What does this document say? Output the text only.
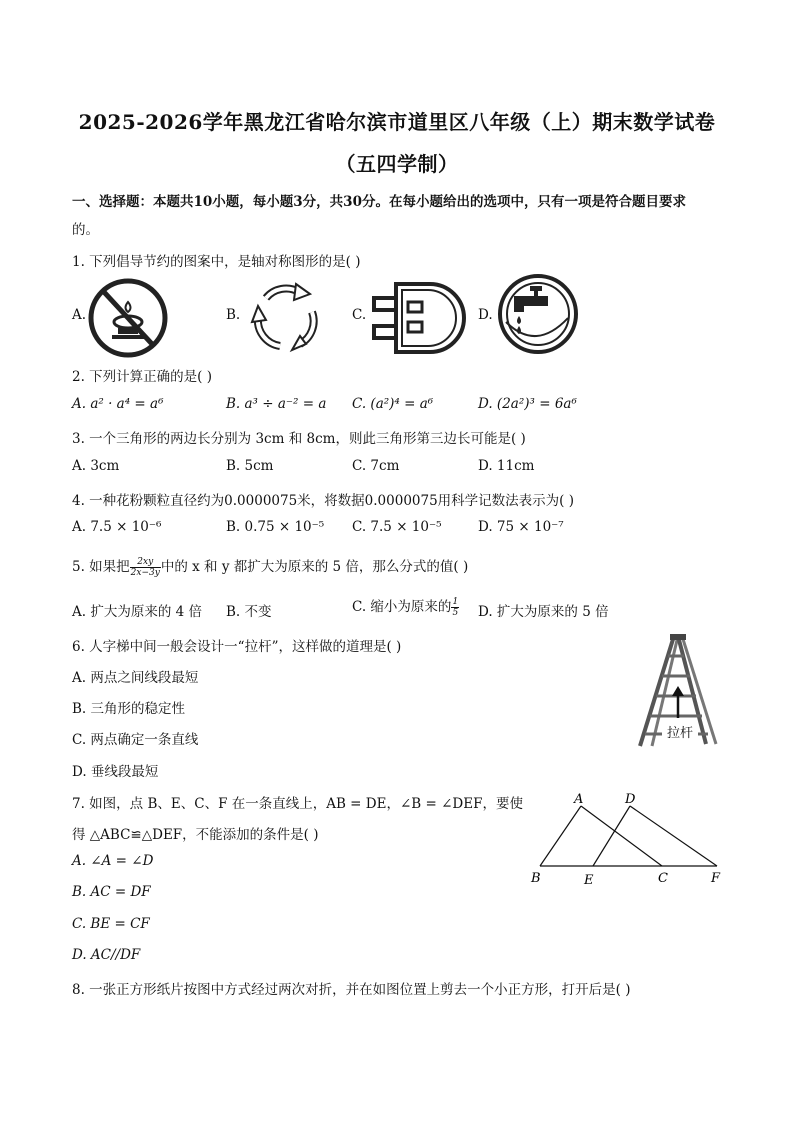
2025-2026学年黑龙江省哈尔滨市道里区八年级（上）期末数学试卷
（五四学制）
一、选择题：本题共10小题，每小题3分，共30分。在每小题给出的选项中，只有一项是符合题目要求
的。
1. 下列倡导节约的图案中，是轴对称图形的是( )
A.	B.	C.	D.
2. 下列计算正确的是( )
A. a² · a⁴ = a⁶	B. a³ ÷ a⁻² = a C. (a²)⁴ = a⁶	D. (2a²)³ = 6a⁶
3. 一个三角形的两边长分别为 3cm 和 8cm，则此三角形第三边长可能是( )
A. 3cm	B. 5cm	C. 7cm	D. 11cm
4. 一种花粉颗粒直径约为0.0000075米，将数据0.0000075用科学记数法表示为( )
A. 7.5 × 10⁻⁶	B. 0.75 × 10⁻⁵ C. 7.5 × 10⁻⁵	D. 75 × 10⁻⁷
5. 如果把 $\frac{2xy}{2x-3y}$ 中的 x 和 y 都扩大为原来的 5 倍，那么分式的值( )
A. 扩大为原来的 4 倍 B. 不变	C. 缩小为原来的 $\frac{1}{5} D$. 扩大为原来的 5 倍
6. 人字梯中间一般会设计一“拉杆”，这样做的道理是( )
A. 两点之间线段最短
B. 三角形的稳定性
C. 两点确定一条直线
D. 垂线段最短
拉杆
7. 如图，点 B、E、C、F 在一条直线上，AB = DE，∠B = ∠DEF，要使
得 △ABC≌△DEF，不能添加的条件是( )
A. ∠A = ∠D
B. AC = DF
C. BE = CF
D. AC//DF
A	D
B	E	C	F
8. 一张正方形纸片按图中方式经过两次对折，并在如图位置上剪去一个小正方形，打开后是( )
